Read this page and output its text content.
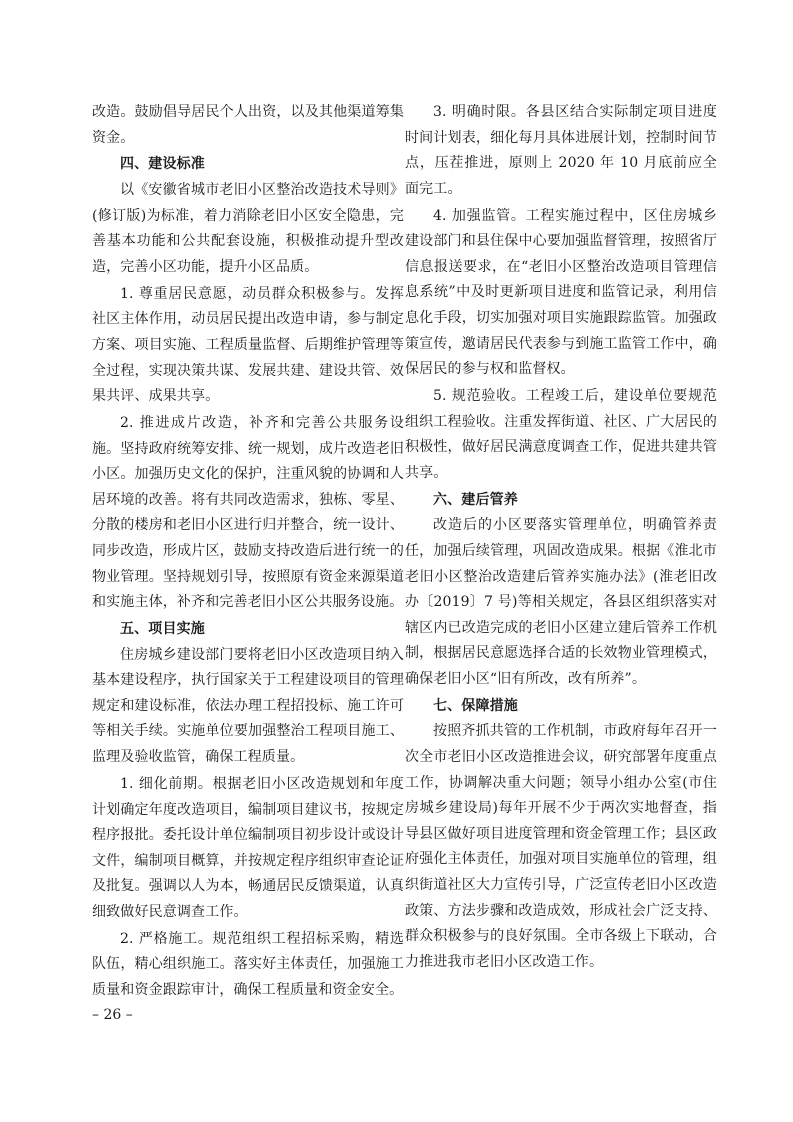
改造。鼓励倡导居民个人出资，以及其他渠道筹集资金。

四、建设标准

以《安徽省城市老旧小区整治改造技术导则》(修订版)为标准，着力消除老旧小区安全隐患，完善基本功能和公共配套设施，积极推动提升型改造，完善小区功能，提升小区品质。

1. 尊重居民意愿，动员群众积极参与。发挥社区主体作用，动员居民提出改造申请，参与制定方案、项目实施、工程质量监督、后期维护管理等全过程，实现决策共谋、发展共建、建设共管、效果共评、成果共享。

2. 推进成片改造，补齐和完善公共服务设施。坚持政府统筹安排、统一规划，成片改造老旧小区。加强历史文化的保护，注重风貌的协调和人居环境的改善。将有共同改造需求，独栋、零星、分散的楼房和老旧小区进行归并整合，统一设计、同步改造，形成片区，鼓励支持改造后进行统一的物业管理。坚持规划引导，按照原有资金来源渠道和实施主体，补齐和完善老旧小区公共服务设施。

五、项目实施

住房城乡建设部门要将老旧小区改造项目纳入基本建设程序，执行国家关于工程建设项目的管理规定和建设标准，依法办理工程招投标、施工许可等相关手续。实施单位要加强整治工程项目施工、监理及验收监管，确保工程质量。

1. 细化前期。根据老旧小区改造规划和年度计划确定年度改造项目，编制项目建议书，按规定程序报批。委托设计单位编制项目初步设计或设计文件，编制项目概算，并按规定程序组织审查论证及批复。强调以人为本，畅通居民反馈渠道，认真细致做好民意调查工作。

2. 严格施工。规范组织工程招标采购，精选队伍，精心组织施工。落实好主体责任，加强施工质量和资金跟踪审计，确保工程质量和资金安全。

3. 明确时限。各县区结合实际制定项目进度时间计划表，细化每月具体进展计划，控制时间节点，压茬推进，原则上 2020 年 10 月底前应全面完工。

4. 加强监管。工程实施过程中，区住房城乡建设部门和县住保中心要加强监督管理，按照省厅信息报送要求，在“老旧小区整治改造项目管理信息系统”中及时更新项目进度和监管记录，利用信息化手段，切实加强对项目实施跟踪监管。加强政策宣传，邀请居民代表参与到施工监管工作中，确保居民的参与权和监督权。

5. 规范验收。工程竣工后，建设单位要规范组织工程验收。注重发挥街道、社区、广大居民的积极性，做好居民满意度调查工作，促进共建共管共享。

六、建后管养

改造后的小区要落实管理单位，明确管养责任，加强后续管理，巩固改造成果。根据《淮北市老旧小区整治改造建后管养实施办法》(淮老旧改办〔2019〕7 号)等相关规定，各县区组织落实对辖区内已改造完成的老旧小区建立建后管养工作机制，根据居民意愿选择合适的长效物业管理模式，确保老旧小区“旧有所改，改有所养”。

七、保障措施

按照齐抓共管的工作机制，市政府每年召开一次全市老旧小区改造推进会议，研究部署年度重点工作，协调解决重大问题；领导小组办公室(市住房城乡建设局)每年开展不少于两次实地督查，指导县区做好项目进度管理和资金管理工作；县区政府强化主体责任，加强对项目实施单位的管理，组织街道社区大力宣传引导，广泛宣传老旧小区改造政策、方法步骤和改造成效，形成社会广泛支持、群众积极参与的良好氛围。全市各级上下联动，合力推进我市老旧小区改造工作。

– 26 –
